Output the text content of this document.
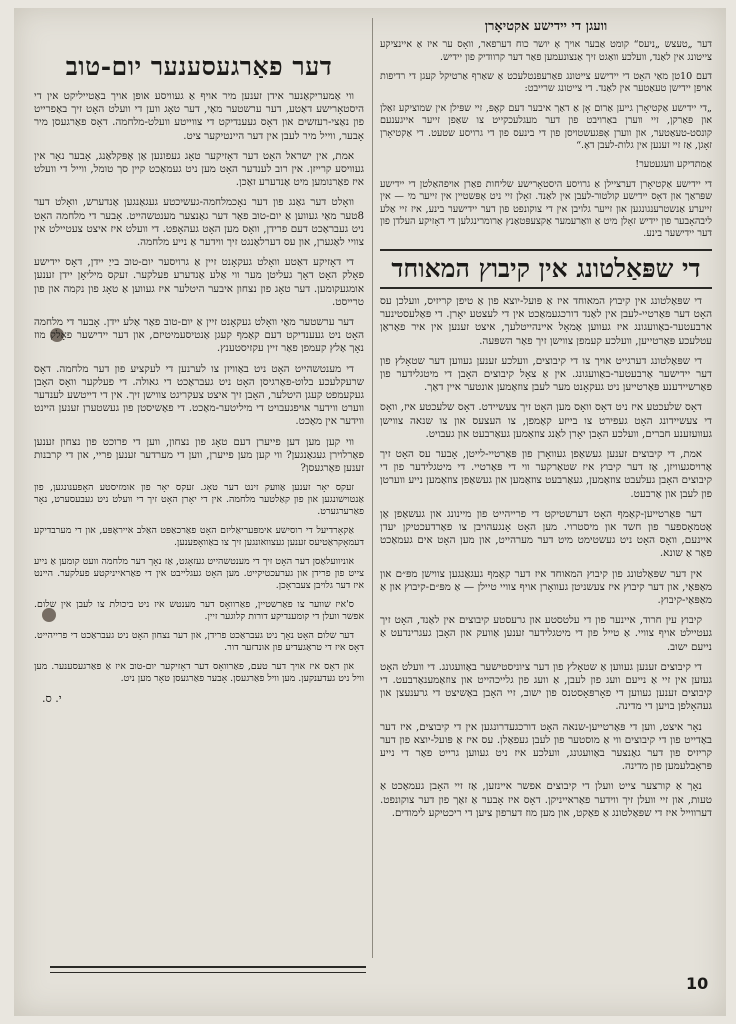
וועגן די יידישע אקטיאָרן

דער „טעצש „ניעס“ קומט אַבער אויך אָ יושר כוח דערפאר, וואָס ער איז אַ איינציקע צייטונג אין לאַנד, וועלכע וואַגט זיך אַנצונעמען פאַר דער קרוודיק פון יידיש.

דעם 10טן מאַי האָט די יידישע צייטונג פאַרעפנטלעכט אַ שאַרף אַרטיקל קעגן די רדיפות אויפן יידישן טעאַטער אין לאַנד. די צייטונג שרייבט:

„די יידישע אַקטיאָרן גייען אַרום אָן אַ דאַך איבער דעם קאָפּ, זיי שפּילן אין שמוציקע זאַלן און פּאַרקן, זיי ווערן באַרויבט פון דער מעגלעכקייט צו שאַפן זייער אייגענעם קונסט-טעאַטער, און ווערן אָפּגעשטויסן פון די בינעס פון די גרויסע שטעט. די אַקטיאָרן זאָגן, אַז זיי זענען אין גלות-לעבן דאָ.“

אַמתדיקע וועגעטער!

די יידישע אַקטיאָרן דערציילן אַ גרויסע היסטאָרישע שליחות פאַרן אויפהאַלטן די יידישע שפּראַך און דאָס יידישע קולטור-לעבן אין לאַנד. זאָלן זיי ניט אָפּשטיין אין זייער מי — אין זייערע אַנשטרענגונגען און זייער גלויבן אין די צוקונפט פון דער יידישער בינע, איז זיי אַלע ליבהאָבער פון יידיש זאָלן מיט אַ וואַרעמער אַקצעפּטאַנץ אַרומרינגלען די דאָזיקע העלדן פון דער יידישער בינע.

די שפּאַלטונג אין קיבוץ המאוחד

די שפּאַלטונג אין קיבוץ המאוחד איז אַ פּועל-יוצא פון אַ טיפן קריזיס, וועלכן עס האָט דער פּאַרטיי-לעבן אין לאַנד דורכגעמאַכט אין די לעצטע יאָרן. די פּאַלעסטינער ארבעטער-באַוועגונג איז געווען אַמאָל איינהייטלעך, איצט זענען אין איר פאַראַן עטלעכע פּאַרטייען, וועלכע קעמפן צווישן זיך פאַר השפּעה.

די שפּאַלטונג דערגייט אויך צו די קיבוצים, וועלכע זענען געווען דער שטאָלץ פון דער יידישער אַרבעטער-באַוועגונג. אין אַ צאָל קיבוצים האָבן די מיטגלידער פון פאַרשיידענע פּאַרטייען ניט געקאָנט מער לעבן צוזאַמען אונטער איין דאַך.

דאָס שלעכטע איז ניט דאָס וואָס מען האָט זיך צעשיידט. דאָס שלעכטע איז, וואָס די צעשיידונג האָט געפירט צו בייזע קאַמפן, צו העצעס און צו שנאה צווישן געוועזענע חברים, וועלכע האָבן יאָרן לאַנג צוזאַמען געאַרבעט און געבויט.

אמת, די קיבוצים זענען געשאַפן געוואָרן פון פּאַרטיי-לייטן, אָבער עס האָט זיך אַרויסגעוויזן, אַז דער קיבוץ איז שטאַרקער ווי די פּאַרטיי. די מיטגלידער פון די קיבוצים האָבן געלעבט צוזאַמען, געאַרבעט צוזאַמען און געשאַפן צוזאַמען נייע ווערטן פון לעבן און אַרבעט.

דער פּאַרטייען-קאַמף האָט דערשטיקט די פרייהייט פון מיינונג און געשאַפן אַן אַטמאָספער פון חשד און מיסטרוי. מען האָט אָנגעהויבן צו פאַרדעכטיקן יעדן איינעם, וואָס האָט ניט געשטימט מיט דער מערהייט, און מען האָט אים געמאַכט פאַר אַ שונא.

אין דער שפּאַלטונג פון קיבוץ המאוחד איז דער קאַמף געגאַנגען צווישן מפּ״ם און מאַפּאַי, און דער קיבוץ איז צעשניטן געוואָרן אויף צוויי טיילן — אַ מפּ״ם-קיבוץ און אַ מאַפּאַי-קיבוץ.

קיבוץ עין חרוד, איינער פון די עלטסטע און גרעסטע קיבוצים אין לאַנד, האָט זיך געטיילט אויף צוויי. אַ טייל פון די מיטגלידער זענען אַוועק און האָבן געגרינדעט אַ נייעם ישוב.

די קיבוצים זענען געווען אַ שטאָלץ פון דער ציוניסטישער באַוועגונג. די וועלט האָט געזען אין זיי אַ נייעם וועג פון לעבן, אַ וועג פון גלייכהייט און צוזאַמענאַרבעט. די קיבוצים זענען געווען די פאָרפּאָסטנס פון ישוב, זיי האָבן באַשיצט די גרענעצן און געהאָלפן בויען די מדינה.

נאָר איצט, ווען די פּאַרטייען-שנאה האָט דורכגעדרונגען אין די קיבוצים, איז דער באַדייט פון די קיבוצים ווי אַ מוסטער פון לעבן געפאַלן. עס איז אַ פּועל-יוצא פון דער קריזיס פון דער גאַנצער באַוועגונג, וועלכע איז ניט געווען גרייט פאַר די נייע פּראָבלעמען פון מדינה.

נאָך אַ קורצער צייט וועלן די קיבוצים אפשר איינזען, אַז זיי האָבן געמאַכט אַ טעות, און זיי וועלן זיך ווידער פאַראייניקן. דאָס איז אָבער אַ זאַך פון דער צוקונפט. דערווייל איז די שפּאַלטונג אַ פאַקט, און מען מוז דערפון ציען די ריכטיקע לימודים.

דער פאַרגעסענער יום-טוב

ווי אַמעריקאַנער אידן זענען מיר אויף אַ געוויסע אופן אויך באַטייליקט אין די היסטאָרישע דאַטע, דער ערשטער מאַי, דער טאָג ווען די וועלט האָט זיך באַפרייט פון נאַצי-רעזשים און דאָס געענדיקט די צווייטע וועלט-מלחמה. דאָס פאַרגעסן מיר אָבער, ווייל מיר לעבן אין דער היינטיקער ציט.

אמת, אין ישראל האָט דער דאָזיקער טאָג געפונען אַן אָפּקלאַנג, אָבער נאָר אין געוויסע קרייזן. אין רוב לענדער האָט מען ניט געמאַכט קיין סך טומל, ווייל די וועלט איז פאַרנומען מיט אַנדערע זאַכן.

וואָלט דער גאַנג פון דער נאָכמלחמה-געשיכטע געגאַנגען אַנדערש, וואָלט דער 8טער מאַי געווען אַ יום-טוב פאַר דער גאַנצער מענטשהייט. אָבער די מלחמה האָט ניט געבראַכט דעם פרידן, וואָס מען האָט געהאָפט. די וועלט איז איצט צעטיילט אין צוויי לאַגערן, און עס דערלאַנגט זיך ווידער אַ נייע מלחמה.

די דאָזיקע דאַטע וואָלט געקאָנט זיין אַ גרויסער יום-טוב בייַ יידן, דאָס יידישע פאָלק האָט דאָך געליטן מער ווי אַלע אַנדערע פעלקער. זעקס מיליאָן יידן זענען אומגעקומען. דער טאָג פון נצחון איבער היטלער איז געווען אַ טאָג פון נקמה און פון טרייסט.

דער ערשטער מאַי וואָלט געקאָנט זיין אַ יום-טוב פאַר אַלע יידן. אָבער די מלחמה האָט ניט געענדיקט דעם קאַמף קעגן אַנטיסעמיטיזם, און דער יידישער פאָלק מוז נאָך אַלץ קעמפן פאַר זיין עקזיסטענץ.

די מענטשהייט האָט ניט באַוויזן צו לערנען די לעקציע פון דער מלחמה. דאָס שרעקלעכע בלוט-פאַרגיסן האָט ניט געבראַכט די גאולה. די פעלקער וואָס האָבן געקעמפט קעגן היטלער, האָבן זיך איצט צעקריגט צווישן זיך. אין די דייטשע לענדער ווערט ווידער אויפגעבויט די מיליטער-מאַכט. די פאַשיסטן פון געשטערן זענען היינט ווידער אין מאַכט.

ווי קען מען דען פייערן דעם טאָג פון נצחון, ווען די פרוכט פון נצחון זענען פאַרלוירן געגאַנגען? ווי קען מען פייערן, ווען די מערדער זענען פריי, און די קרבנות זענען פאַרגעסן?

זעקס יאָר זענען אַוועק זינט דער טאָג. זעקס יאָר פון אומזיסטע האָפענונגען, פון אַנטוישונגען און פון קאַלטער מלחמה. אין די יאָרן האָט זיך די וועלט ניט געבעסערט, נאָר פאַרערגערט.

אַקאָרדיעל די רוסישע אימפּעריאַליזם האָט פאַרכאַפּט האַלב אייראָפּע, און די מערבדיקע דעמאָקראַטיעס זענען געצוואונגען זיך צו באַוואָפענען.

אוניוועלאַסן דער האָט זיך די מענטשהייט געזאָגט, אַז נאָך דער מלחמה וועט קומען אַ נייע צייט פון פרידן און גערעכטיקייט. מען האָט געגלייבט אין די פאַראייניקטע פעלקער. היינט איז דער גלויבן צעבראָכן.

ס'איז שווער צו פאַרשטיין, פאַרוואָס דער מענטש איז ניט ביכולת צו לעבן אין שלום. אפשר וועלן די קומענדיקע דורות קלוגער זיין.

דער שלום האָט נאָך ניט געבראַכט פרידן, און דער נצחון האָט ניט געבראַכט די פרייהייט. דאָס איז די טראַגעדיע פון אונדזער דור.

און דאָס איז אויך דער טעם, פאַרוואָס דער דאָזיקער יום-טוב איז אַ פאַרגעסענער. מען וויל ניט געדענקען. מען וויל פאַרגעסן. אָבער פאַרגעסן טאָר מען ניט.

.י. ס
10
